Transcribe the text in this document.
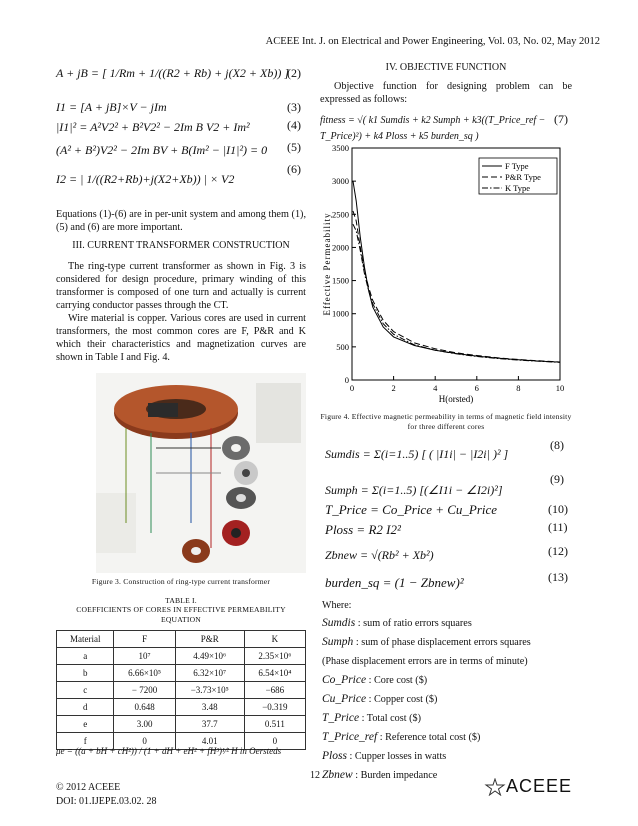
ACEEE Int. J. on Electrical and Power Engineering, Vol. 03, No. 02, May 2012
A + jB = [ 1/Rm + 1/((R2 + Rb) + j(X2 + Xb)) ]
(2)
I1 = [A + jB]×V − jIm	(3)
|I1|² = A²V2² + B²V2² − 2Im B V2 + Im²	(4)
(A² + B²)V2² − 2Im BV + B(Im² − |I1|²) = 0 (5)
I2 = | 1/((R2+Rb)+j(X2+Xb)) | × V2
(6)
Equations (1)-(6) are in per-unit system and among them (1), (5) and (6) are more important.
III. CURRENT TRANSFORMER CONSTRUCTION
The ring-type current transformer as shown in Fig. 3 is considered for design procedure, primary winding of this transformer is composed of one turn and actually is current carrying conductor passes through the CT.
Wire material is copper. Various cores are used in current transformers, the most common cores are F, P&R and K which their characteristics and magnetization curves are shown in Table I and Fig. 4.
Figure 3. Construction of ring-type current transformer
TABLE I.
COEFFICIENTS OF CORES IN EFFECTIVE PERMEABILITY EQUATION
Material	F	P&R	K
a	10⁷	4.49×10⁶	2.35×10⁶
b	6.66×10⁵	6.32×10⁷	6.54×10⁴
c	− 7200	−3.73×10⁵	−686
d	0.648	3.48	−0.319
e	3.00	37.7	0.511
f	0	4.01	0
μe = ((a + bH + cH²)) / (1 + dH + eH² + fH³)¹⁄² H in Oersteds
IV. OBJECTIVE FUNCTION
Objective function for designing problem can be expressed as follows:
fitness = √( k1 Sumdis + k2 Sumph + k3((T_Price_ref − T_Price)²) + k4 Ploss + k5 burden_sq )
(7)
0	2	4	6	8	10
0
500
1000
1500
2000
2500
3000
3500
H(orsted)
Effective Permeability
F Type
P&R Type
K Type
Figure 4. Effective magnetic permeability in terms of magnetic field intensity for three different cores
Sumdis = Σ(i=1..5) [ ( |I1i| − |I2i| )² ]
(8)
Sumph = Σ(i=1..5) [(∠I1i − ∠I2i)²]
(9)
T_Price = Co_Price + Cu_Price	(10)
Ploss = R2 I2²	(11)
Zbnew = √(Rb² + Xb²)	(12)
burden_sq = (1 − Zbnew)²	(13)
Where:
Sumdis : sum of ratio errors squares
Sumph : sum of phase displacement errors squares
(Phase displacement errors are in terms of minute)
Co_Price : Core cost ($)
Cu_Price : Copper cost ($)
T_Price : Total cost ($)
T_Price_ref : Reference total cost ($)
Ploss : Cupper losses in watts
Zbnew : Burden impedance
© 2012 ACEEE
DOI: 01.IJEPE.03.02. 28
12
ACEEE
